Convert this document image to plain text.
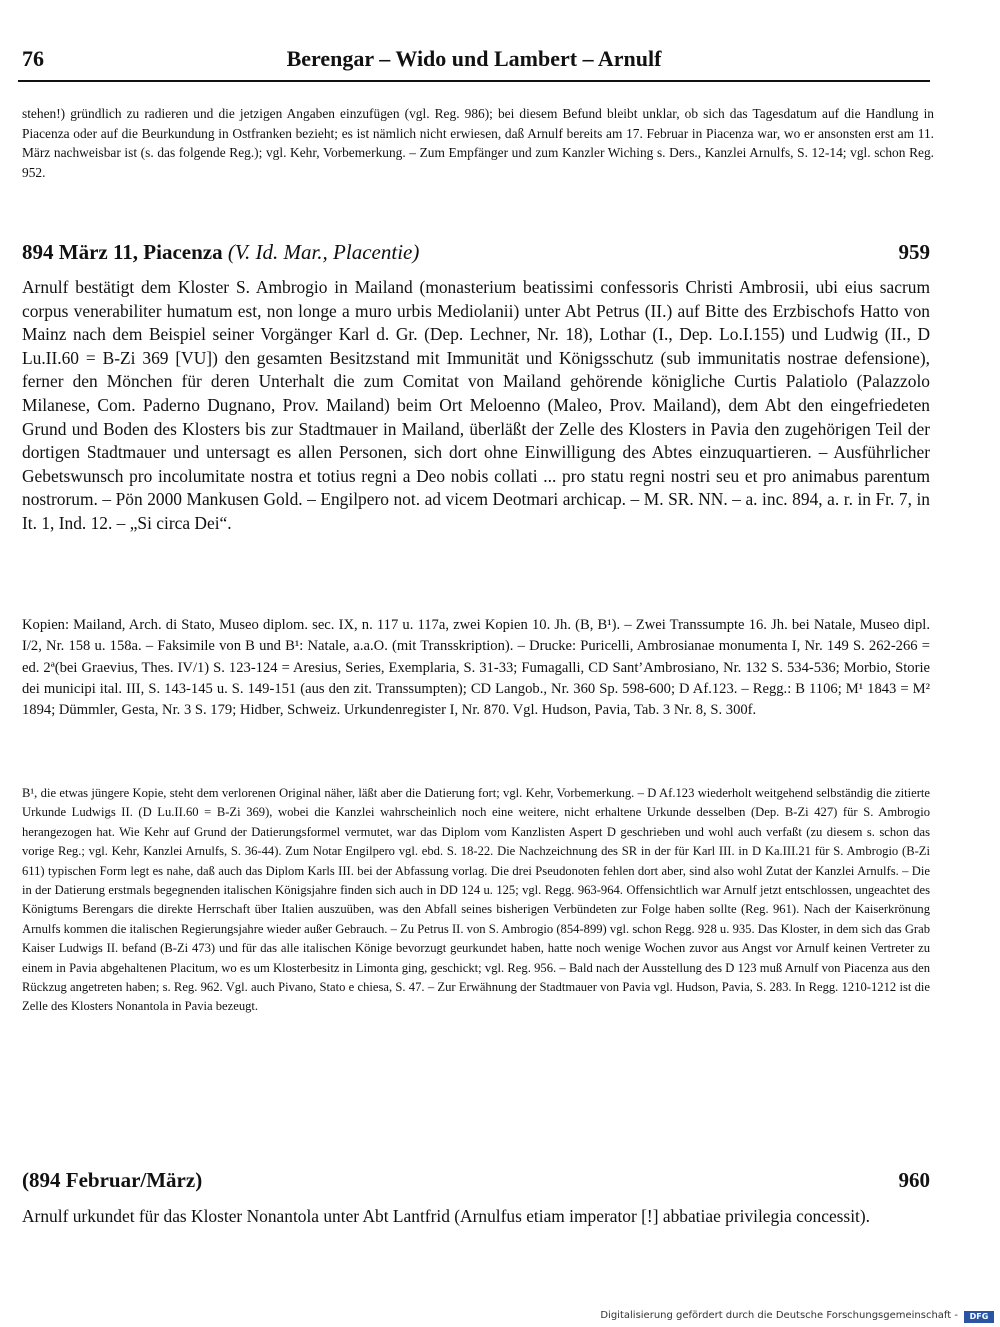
76	Berengar – Wido und Lambert – Arnulf
stehen!) gründlich zu radieren und die jetzigen Angaben einzufügen (vgl. Reg. 986); bei diesem Befund bleibt unklar, ob sich das Tagesdatum auf die Handlung in Piacenza oder auf die Beurkundung in Ostfranken bezieht; es ist nämlich nicht erwiesen, daß Arnulf bereits am 17. Februar in Piacenza war, wo er ansonsten erst am 11. März nachweisbar ist (s. das folgende Reg.); vgl. Kehr, Vorbemerkung. – Zum Empfänger und zum Kanzler Wiching s. Ders., Kanzlei Arnulfs, S. 12-14; vgl. schon Reg. 952.
894 März 11, Piacenza (V. Id. Mar., Placentie)	959
Arnulf bestätigt dem Kloster S. Ambrogio in Mailand (monasterium beatissimi confessoris Christi Ambrosii, ubi eius sacrum corpus venerabiliter humatum est, non longe a muro urbis Mediolanii) unter Abt Petrus (II.) auf Bitte des Erzbischofs Hatto von Mainz nach dem Beispiel seiner Vorgänger Karl d. Gr. (Dep. Lechner, Nr. 18), Lothar (I., Dep. Lo.I.155) und Ludwig (II., D Lu.II.60 = B-Zi 369 [VU]) den gesamten Besitzstand mit Immunität und Königsschutz (sub immunitatis nostrae defensione), ferner den Mönchen für deren Unterhalt die zum Comitat von Mailand gehörende königliche Curtis Palatiolo (Palazzolo Milanese, Com. Paderno Dugnano, Prov. Mailand) beim Ort Meloenno (Maleo, Prov. Mailand), dem Abt den eingefriedeten Grund und Boden des Klosters bis zur Stadtmauer in Mailand, überläßt der Zelle des Klosters in Pavia den zugehörigen Teil der dortigen Stadtmauer und untersagt es allen Personen, sich dort ohne Einwilligung des Abtes einzuquartieren. – Ausführlicher Gebetswunsch pro incolumitate nostra et totius regni a Deo nobis collati ... pro statu regni nostri seu et pro animabus parentum nostrorum. – Pön 2000 Mankusen Gold. – Engilpero not. ad vicem Deotmari archicap. – M. SR. NN. – a. inc. 894, a. r. in Fr. 7, in It. 1, Ind. 12. – „Si circa Dei“.
Kopien: Mailand, Arch. di Stato, Museo diplom. sec. IX, n. 117 u. 117a, zwei Kopien 10. Jh. (B, B¹). – Zwei Transsumpte 16. Jh. bei Natale, Museo dipl. I/2, Nr. 158 u. 158a. – Faksimile von B und B¹: Natale, a.a.O. (mit Transskription). – Drucke: Puricelli, Ambrosianae monumenta I, Nr. 149 S. 262-266 = ed. 2ª(bei Graevius, Thes. IV/1) S. 123-124 = Aresius, Series, Exemplaria, S. 31-33; Fumagalli, CD Sant’Ambrosiano, Nr. 132 S. 534-536; Morbio, Storie dei municipi ital. III, S. 143-145 u. S. 149-151 (aus den zit. Transsumpten); CD Langob., Nr. 360 Sp. 598-600; D Af.123. – Regg.: B 1106; M¹ 1843 = M² 1894; Dümmler, Gesta, Nr. 3 S. 179; Hidber, Schweiz. Urkundenregister I, Nr. 870. Vgl. Hudson, Pavia, Tab. 3 Nr. 8, S. 300f.
B¹, die etwas jüngere Kopie, steht dem verlorenen Original näher, läßt aber die Datierung fort; vgl. Kehr, Vorbemerkung. – D Af.123 wiederholt weitgehend selbständig die zitierte Urkunde Ludwigs II. (D Lu.II.60 = B-Zi 369), wobei die Kanzlei wahrscheinlich noch eine weitere, nicht erhaltene Urkunde desselben (Dep. B-Zi 427) für S. Ambrogio herangezogen hat. Wie Kehr auf Grund der Datierungsformel vermutet, war das Diplom vom Kanzlisten Aspert D geschrieben und wohl auch verfaßt (zu diesem s. schon das vorige Reg.; vgl. Kehr, Kanzlei Arnulfs, S. 36-44). Zum Notar Engilpero vgl. ebd. S. 18-22. Die Nachzeichnung des SR in der für Karl III. in D Ka.III.21 für S. Ambrogio (B-Zi 611) typischen Form legt es nahe, daß auch das Diplom Karls III. bei der Abfassung vorlag. Die drei Pseudonoten fehlen dort aber, sind also wohl Zutat der Kanzlei Arnulfs. – Die in der Datierung erstmals begegnenden italischen Königsjahre finden sich auch in DD 124 u. 125; vgl. Regg. 963-964. Offensichtlich war Arnulf jetzt entschlossen, ungeachtet des Königtums Berengars die direkte Herrschaft über Italien auszuüben, was den Abfall seines bisherigen Verbündeten zur Folge haben sollte (Reg. 961). Nach der Kaiserkrönung Arnulfs kommen die italischen Regierungsjahre wieder außer Gebrauch. – Zu Petrus II. von S. Ambrogio (854-899) vgl. schon Regg. 928 u. 935. Das Kloster, in dem sich das Grab Kaiser Ludwigs II. befand (B-Zi 473) und für das alle italischen Könige bevorzugt geurkundet haben, hatte noch wenige Wochen zuvor aus Angst vor Arnulf keinen Vertreter zu einem in Pavia abgehaltenen Placitum, wo es um Klosterbesitz in Limonta ging, geschickt; vgl. Reg. 956. – Bald nach der Ausstellung des D 123 muß Arnulf von Piacenza aus den Rückzug angetreten haben; s. Reg. 962. Vgl. auch Pivano, Stato e chiesa, S. 47. – Zur Erwähnung der Stadtmauer von Pavia vgl. Hudson, Pavia, S. 283. In Regg. 1210-1212 ist die Zelle des Klosters Nonantola in Pavia bezeugt.
(894 Februar/März)	960
Arnulf urkundet für das Kloster Nonantola unter Abt Lantfrid (Arnulfus etiam imperator [!] abbatiae privilegia concessit).
Digitalisierung gefördert durch die Deutsche Forschungsgemeinschaft -	DFG
